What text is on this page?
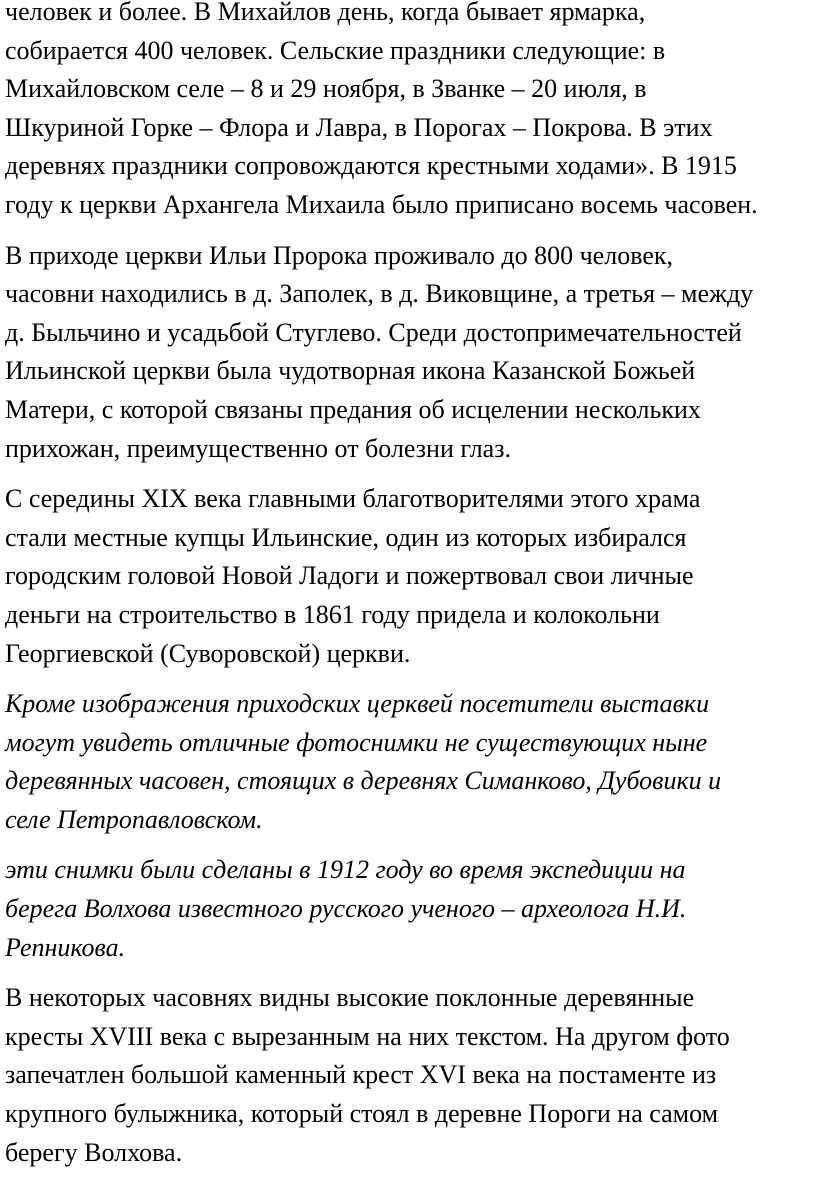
человек и более. В Михайлов день, когда бывает ярмарка,
собирается 400 человек. Сельские праздники следующие: в
Михайловском селе – 8 и 29 ноября, в Званке – 20 июля, в
Шкуриной Горке – Флора и Лавра, в Порогах – Покрова. В этих
деревнях праздники сопровождаются крестными ходами». В 1915
году к церкви Архангела Михаила было приписано восемь часовен.

В приходе церкви Ильи Пророка проживало до 800 человек,
часовни находились в д. Заполек, в д. Виковщине, а третья – между
д. Быльчино и усадьбой Стуглево. Среди достопримечательностей
Ильинской церкви была чудотворная икона Казанской Божьей
Матери, с которой связаны предания об исцелении нескольких
прихожан, преимущественно от болезни глаз.

С середины XIX века главными благотворителями этого храма
стали местные купцы Ильинские, один из которых избирался
городским головой Новой Ладоги и пожертвовал свои личные
деньги на строительство в 1861 году придела и колокольни
Георгиевской (Суворовской) церкви.

Кроме изображения приходских церквей посетители выставки
могут увидеть отличные фотоснимки не существующих ныне
деревянных часовен, стоящих в деревнях Симанково, Дубовики и
селе Петропавловском.

эти снимки были сделаны в 1912 году во время экспедиции на
берега Волхова известного русского ученого – археолога Н.И.
Репникова.

В некоторых часовнях видны высокие поклонные деревянные
кресты XVIII века с вырезанным на них текстом. На другом фото
запечатлен большой каменный крест XVI века на постаменте из
крупного булыжника, который стоял в деревне Пороги на самом
берегу Волхова.
